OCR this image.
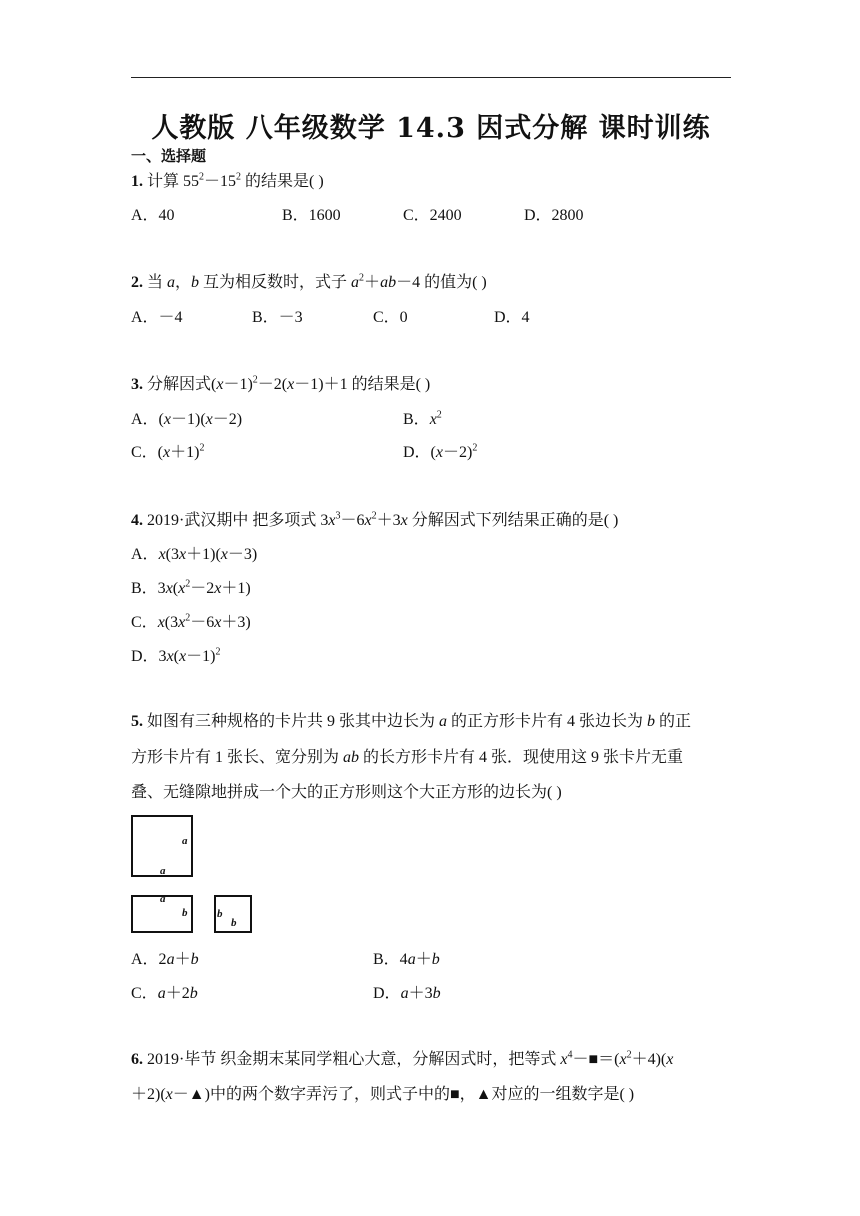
人教版 八年级数学 14.3 因式分解 课时训练
一、选择题
1. 计算 $55^2-15^2$ 的结果是( )
A．40	B．1600	C．2400	D．2800
2. 当 a，b 互为相反数时，式子 $a^2+ab-4$ 的值为( )
A．－4	B．－3	C．0	D．4
3. 分解因式$(x-1)^2-2(x-1)+1$ 的结果是( )
A．(x－1)(x－2)	B．$x^2$
C．$(x+1)^2$	D．$(x-2)^2$
4. 2019·武汉期中 把多项式 $3x^3-6x^2+3x$ 分解因式下列结果正确的是( )
A．x(3x＋1)(x－3)
B．$3x(x^2-2x+1)$
C．$x(3x^2-6x+3)$
D．$3x(x-1)^2$
5. 如图有三种规格的卡片共 9 张其中边长为 a 的正方形卡片有 4 张边长为 b 的正
方形卡片有 1 张长、宽分别为 ab 的长方形卡片有 4 张．现使用这 9 张卡片无重
叠、无缝隙地拼成一个大的正方形则这个大正方形的边长为( )
a
a
a
b	b
b
A．2a＋b	B．4a＋b
C．a＋2b	D．a＋3b
6. 2019·毕节 织金期末某同学粗心大意，分解因式时，把等式 $x^4-■=(x^2+4)(x$
＋2)(x－▲)中的两个数字弄污了，则式子中的■，▲对应的一组数字是( )
